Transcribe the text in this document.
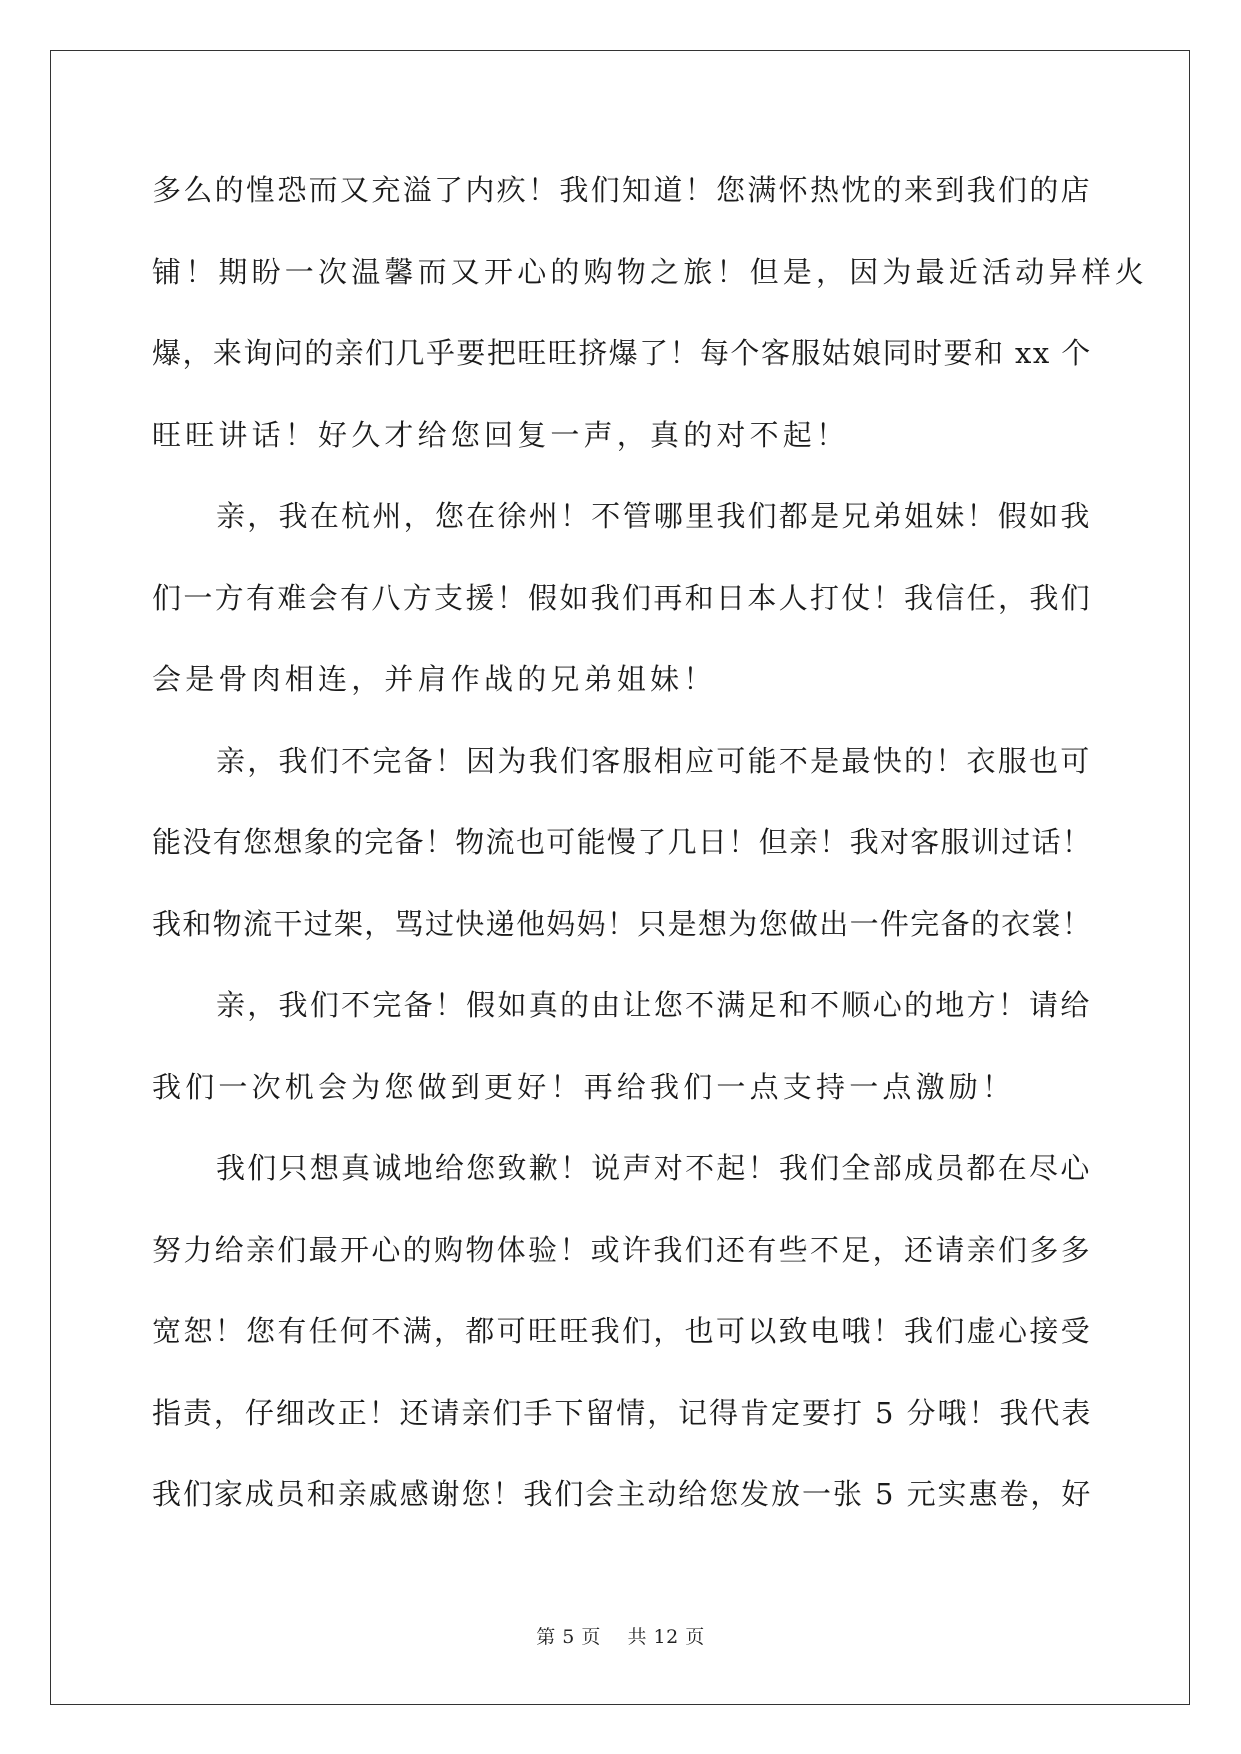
多么的惶恐而又充溢了内疚！我们知道！您满怀热忱的来到我们的店
铺！期盼一次温馨而又开心的购物之旅！但是，因为最近活动异样火
爆，来询问的亲们几乎要把旺旺挤爆了！每个客服姑娘同时要和 xx 个
旺旺讲话！好久才给您回复一声，真的对不起！
亲，我在杭州，您在徐州！不管哪里我们都是兄弟姐妹！假如我
们一方有难会有八方支援！假如我们再和日本人打仗！我信任，我们
会是骨肉相连，并肩作战的兄弟姐妹！
亲，我们不完备！因为我们客服相应可能不是最快的！衣服也可
能没有您想象的完备！物流也可能慢了几日！但亲！我对客服训过话！
我和物流干过架，骂过快递他妈妈！只是想为您做出一件完备的衣裳！
亲，我们不完备！假如真的由让您不满足和不顺心的地方！请给
我们一次机会为您做到更好！再给我们一点支持一点激励！
我们只想真诚地给您致歉！说声对不起！我们全部成员都在尽心
努力给亲们最开心的购物体验！或许我们还有些不足，还请亲们多多
宽恕！您有任何不满，都可旺旺我们，也可以致电哦！我们虚心接受
指责，仔细改正！还请亲们手下留情，记得肯定要打 5 分哦！我代表
我们家成员和亲戚感谢您！我们会主动给您发放一张 5 元实惠卷，好
第 5 页 共 12 页
